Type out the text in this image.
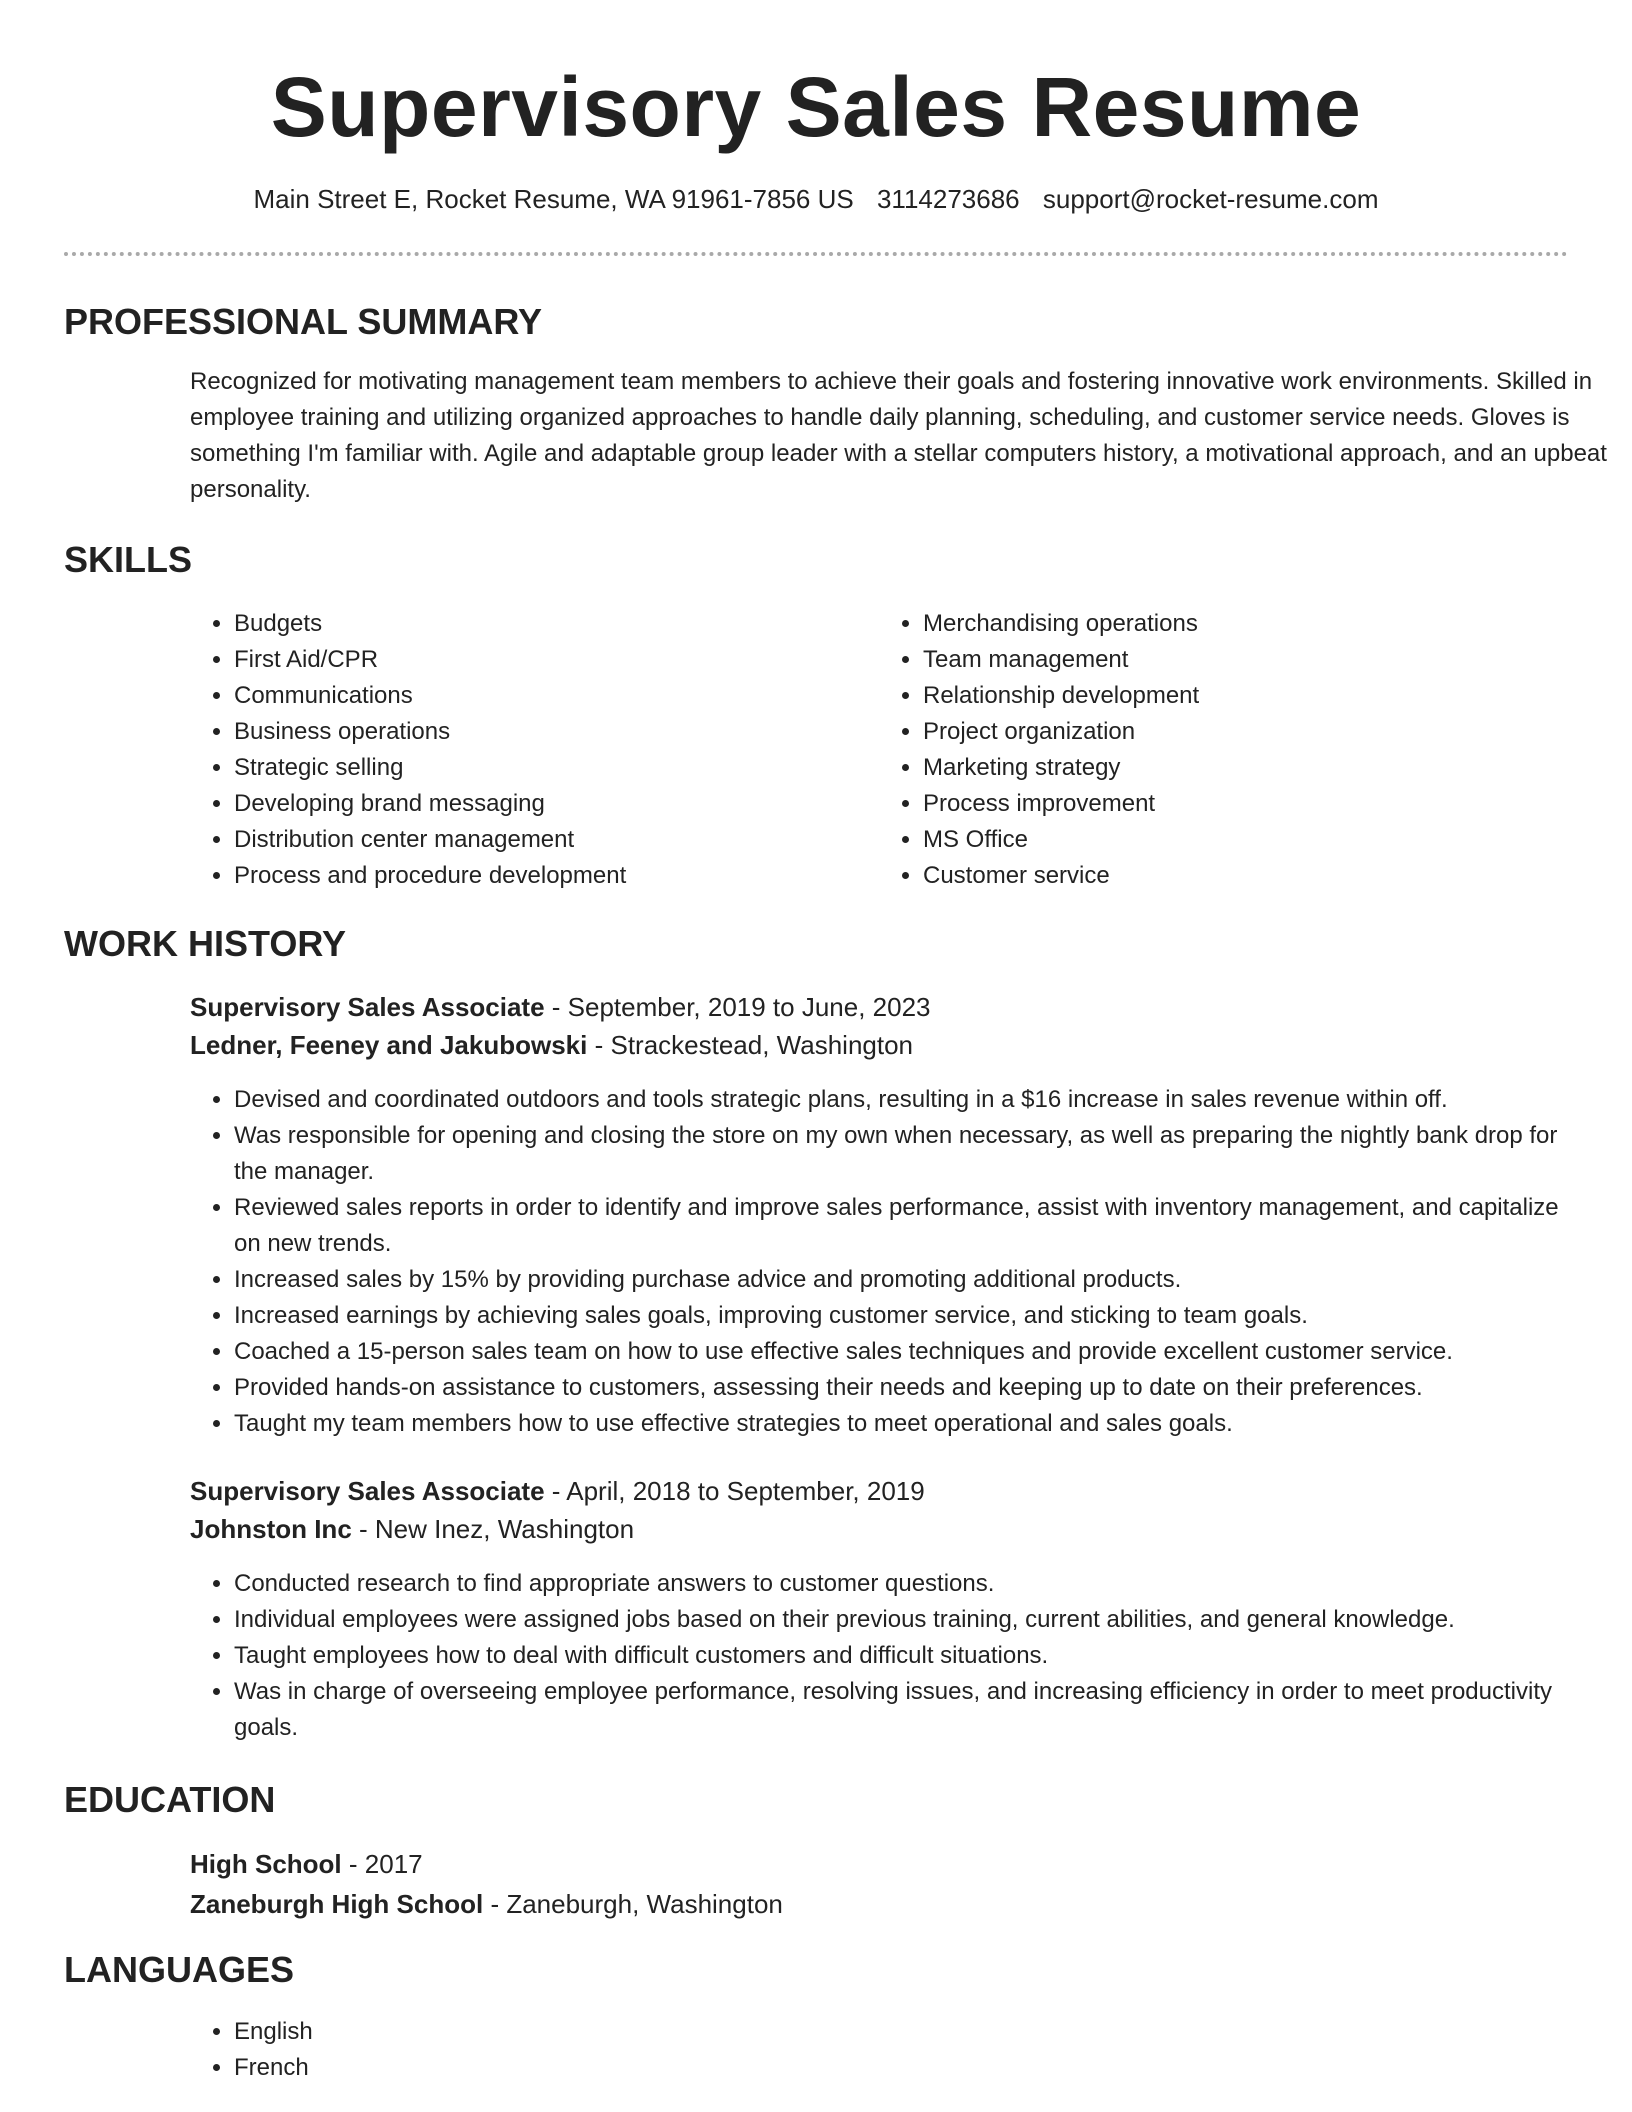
Supervisory Sales Resume
Main Street E, Rocket Resume, WA 91961-7856 US 3114273686 support@rocket-resume.com
PROFESSIONAL SUMMARY

Recognized for motivating management team members to achieve their goals and fostering innovative work environments. Skilled in employee training and utilizing organized approaches to handle daily planning, scheduling, and customer service needs. Gloves is something I'm familiar with. Agile and adaptable group leader with a stellar computers history, a motivational approach, and an upbeat personality.

SKILLS
• Budgets
• First Aid/CPR
• Communications
• Business operations
• Strategic selling
• Developing brand messaging
• Distribution center management
• Process and procedure development
• Merchandising operations
• Team management
• Relationship development
• Project organization
• Marketing strategy
• Process improvement
• MS Office
• Customer service
WORK HISTORY
Supervisory Sales Associate - September, 2019 to June, 2023
Ledner, Feeney and Jakubowski - Strackestead, Washington
• Devised and coordinated outdoors and tools strategic plans, resulting in a $16 increase in sales revenue within off.
• Was responsible for opening and closing the store on my own when necessary, as well as preparing the nightly bank drop for the manager.
• Reviewed sales reports in order to identify and improve sales performance, assist with inventory management, and capitalize on new trends.
• Increased sales by 15% by providing purchase advice and promoting additional products.
• Increased earnings by achieving sales goals, improving customer service, and sticking to team goals.
• Coached a 15-person sales team on how to use effective sales techniques and provide excellent customer service.
• Provided hands-on assistance to customers, assessing their needs and keeping up to date on their preferences.
• Taught my team members how to use effective strategies to meet operational and sales goals.
Supervisory Sales Associate - April, 2018 to September, 2019
Johnston Inc - New Inez, Washington
• Conducted research to find appropriate answers to customer questions.
• Individual employees were assigned jobs based on their previous training, current abilities, and general knowledge.
• Taught employees how to deal with difficult customers and difficult situations.
• Was in charge of overseeing employee performance, resolving issues, and increasing efficiency in order to meet productivity goals.
EDUCATION
High School - 2017
Zaneburgh High School - Zaneburgh, Washington
LANGUAGES
• English
• French
